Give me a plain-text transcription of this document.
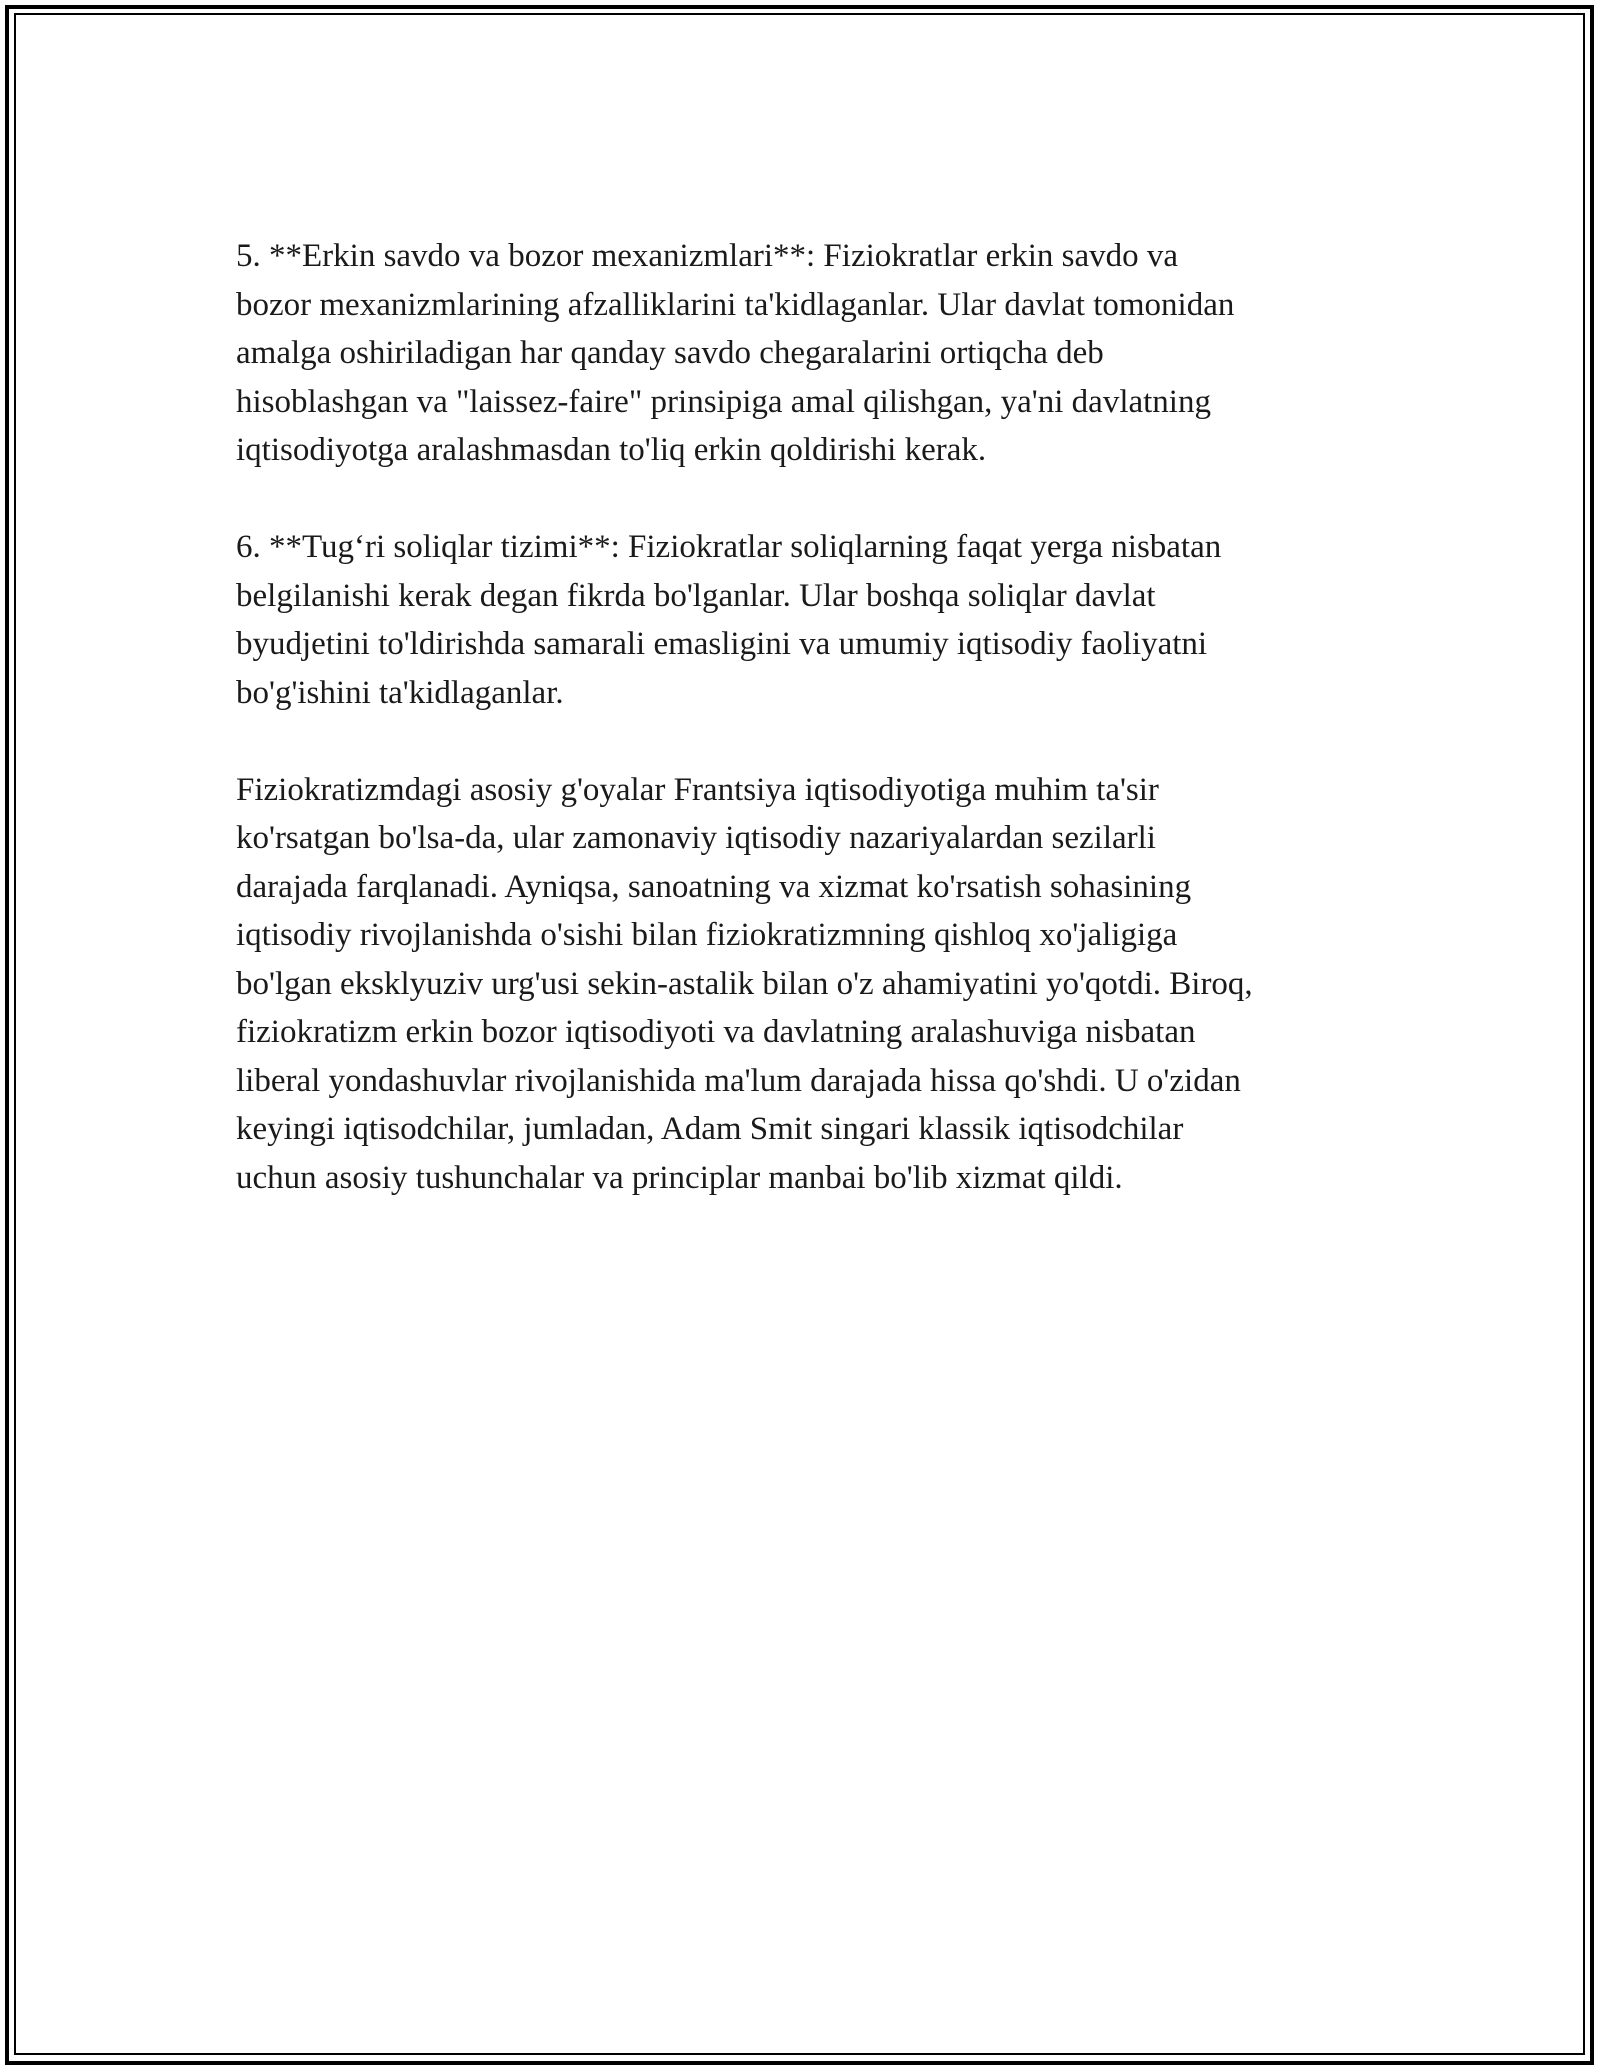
5. **Erkin savdo va bozor mexanizmlari**: Fiziokratlar erkin savdo va
bozor mexanizmlarining afzalliklarini ta'kidlaganlar. Ular davlat tomonidan
amalga oshiriladigan har qanday savdo chegaralarini ortiqcha deb
hisoblashgan va "laissez-faire" prinsipiga amal qilishgan, ya'ni davlatning
iqtisodiyotga aralashmasdan to'liq erkin qoldirishi kerak.

6. **Tug‘ri soliqlar tizimi**: Fiziokratlar soliqlarning faqat yerga nisbatan
belgilanishi kerak degan fikrda bo'lganlar. Ular boshqa soliqlar davlat
byudjetini to'ldirishda samarali emasligini va umumiy iqtisodiy faoliyatni
bo'g'ishini ta'kidlaganlar.

Fiziokratizmdagi asosiy g'oyalar Frantsiya iqtisodiyotiga muhim ta'sir
ko'rsatgan bo'lsa-da, ular zamonaviy iqtisodiy nazariyalardan sezilarli
darajada farqlanadi. Ayniqsa, sanoatning va xizmat ko'rsatish sohasining
iqtisodiy rivojlanishda o'sishi bilan fiziokratizmning qishloq xo'jaligiga
bo'lgan eksklyuziv urg'usi sekin-astalik bilan o'z ahamiyatini yo'qotdi. Biroq,
fiziokratizm erkin bozor iqtisodiyoti va davlatning aralashuviga nisbatan
liberal yondashuvlar rivojlanishida ma'lum darajada hissa qo'shdi. U o'zidan
keyingi iqtisodchilar, jumladan, Adam Smit singari klassik iqtisodchilar
uchun asosiy tushunchalar va principlar manbai bo'lib xizmat qildi.
